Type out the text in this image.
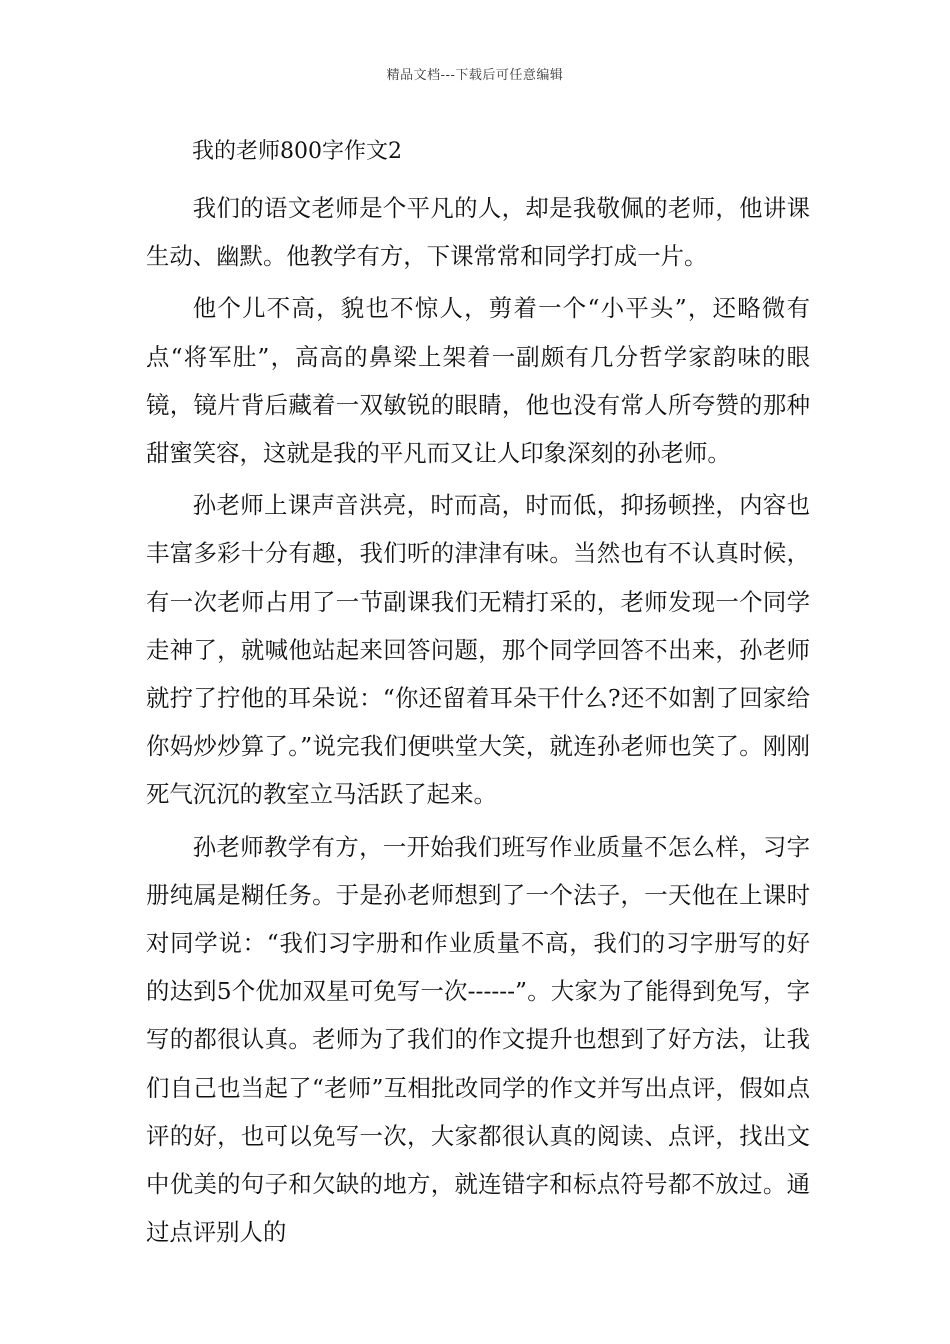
精品文档---下载后可任意编辑
我的老师800字作文2

我们的语文老师是个平凡的人，却是我敬佩的老师，他讲课生动、幽默。他教学有方，下课常常和同学打成一片。

他个儿不高，貌也不惊人，剪着一个“小平头”，还略微有点“将军肚”，高高的鼻梁上架着一副颇有几分哲学家韵味的眼镜，镜片背后藏着一双敏锐的眼睛，他也没有常人所夸赞的那种甜蜜笑容，这就是我的平凡而又让人印象深刻的孙老师。

孙老师上课声音洪亮，时而高，时而低，抑扬顿挫，内容也丰富多彩十分有趣，我们听的津津有味。当然也有不认真时候，有一次老师占用了一节副课我们无精打采的，老师发现一个同学走神了，就喊他站起来回答问题，那个同学回答不出来，孙老师就拧了拧他的耳朵说：“你还留着耳朵干什么?还不如割了回家给你妈炒炒算了。”说完我们便哄堂大笑，就连孙老师也笑了。刚刚死气沉沉的教室立马活跃了起来。

孙老师教学有方，一开始我们班写作业质量不怎么样，习字册纯属是糊任务。于是孙老师想到了一个法子，一天他在上课时对同学说：“我们习字册和作业质量不高，我们的习字册写的好的达到5个优加双星可免写一次------”。大家为了能得到免写，字写的都很认真。老师为了我们的作文提升也想到了好方法，让我们自己也当起了“老师”互相批改同学的作文并写出点评，假如点评的好，也可以免写一次，大家都很认真的阅读、点评，找出文中优美的句子和欠缺的地方，就连错字和标点符号都不放过。通过点评别人的
